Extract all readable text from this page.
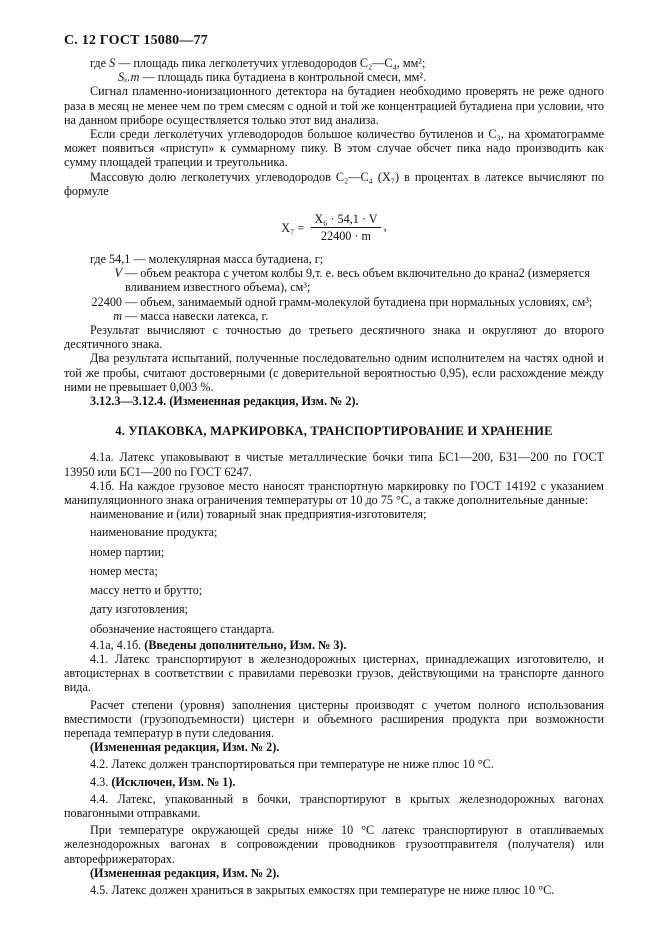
С. 12 ГОСТ 15080—77

где S — площадь пика легколетучих углеводородов C₂—C₄, мм²;

Sₓ.т — площадь пика бутадиена в контрольной смеси, мм².

Сигнал пламенно-ионизационного детектора на бутадиен необходимо проверять не реже одного раза в месяц не менее чем по трем смесям с одной и той же концентрацией бутадиена при условии, что на данном приборе осуществляется только этот вид анализа.

Если среди легколетучих углеводородов большое количество бутиленов и C₃, на хроматограмме может появиться «приступ» к суммарному пику. В этом случае обсчет пика надо производить как сумму площадей трапеции и треугольника.

Массовую долю легколетучих углеводородов C₂—C₄ (X₇) в процентах в латексе вычисляют по формуле

$X_7 = \frac{\text{X₆ · 54,1 · V}}{22400 \cdot m}$ ,
где 54,1 — молекулярная масса бутадиена, г;
V — объем реактора с учетом колбы 9,т. е. весь объем включительно до крана2 (измеряется вливанием известного объема), см³;
22400 — объем, занимаемый одной грамм-молекулой бутадиена при нормальных условиях, см³;
m — масса навески латекса, г.

Результат вычисляют с точностью до третьего десятичного знака и округляют до второго десятичного знака.

Два результата испытаний, полученные последовательно одним исполнителем на частях одной и той же пробы, считают достоверными (с доверительной вероятностью 0,95), если расхождение между ними не превышает 0,003 %.

3.12.3—3.12.4. (Измененная редакция, Изм. № 2).

4. УПАКОВКА, МАРКИРОВКА, ТРАНСПОРТИРОВАНИЕ И ХРАНЕНИЕ

4.1а. Латекс упаковывают в чистые металлические бочки типа БС1—200, Б31—200 по ГОСТ 13950 или БС1—200 по ГОСТ 6247.

4.1б. На каждое грузовое место наносят транспортную маркировку по ГОСТ 14192 с указанием манипуляционного знака ограничения температуры от 10 до 75 °С, а также дополнительные данные:

наименование и (или) товарный знак предприятия-изготовителя;

наименование продукта;

номер партии;

номер места;

массу нетто и брутто;

дату изготовления;

обозначение настоящего стандарта.

4.1а, 4.1б. (Введены дополнительно, Изм. № 3).

4.1. Латекс транспортируют в железнодорожных цистернах, принадлежащих изготовителю, и автоцистернах в соответствии с правилами перевозки грузов, действующими на транспорте данного вида.

Расчет степени (уровня) заполнения цистерны производят с учетом полного использования вместимости (грузоподъемности) цистерн и объемного расширения продукта при возможности перепада температур в пути следования.

(Измененная редакция, Изм. № 2).

4.2. Латекс должен транспортироваться при температуре не ниже плюс 10 °С.

4.3. (Исключен, Изм. № 1).

4.4. Латекс, упакованный в бочки, транспортируют в крытых железнодорожных вагонах повагонными отправками.

При температуре окружающей среды ниже 10 °С латекс транспортируют в отапливаемых железнодорожных вагонах в сопровождении проводников грузоотправителя (получателя) или авторефрижераторах.

(Измененная редакция, Изм. № 2).

4.5. Латекс должен храниться в закрытых емкостях при температуре не ниже плюс 10 °С.
